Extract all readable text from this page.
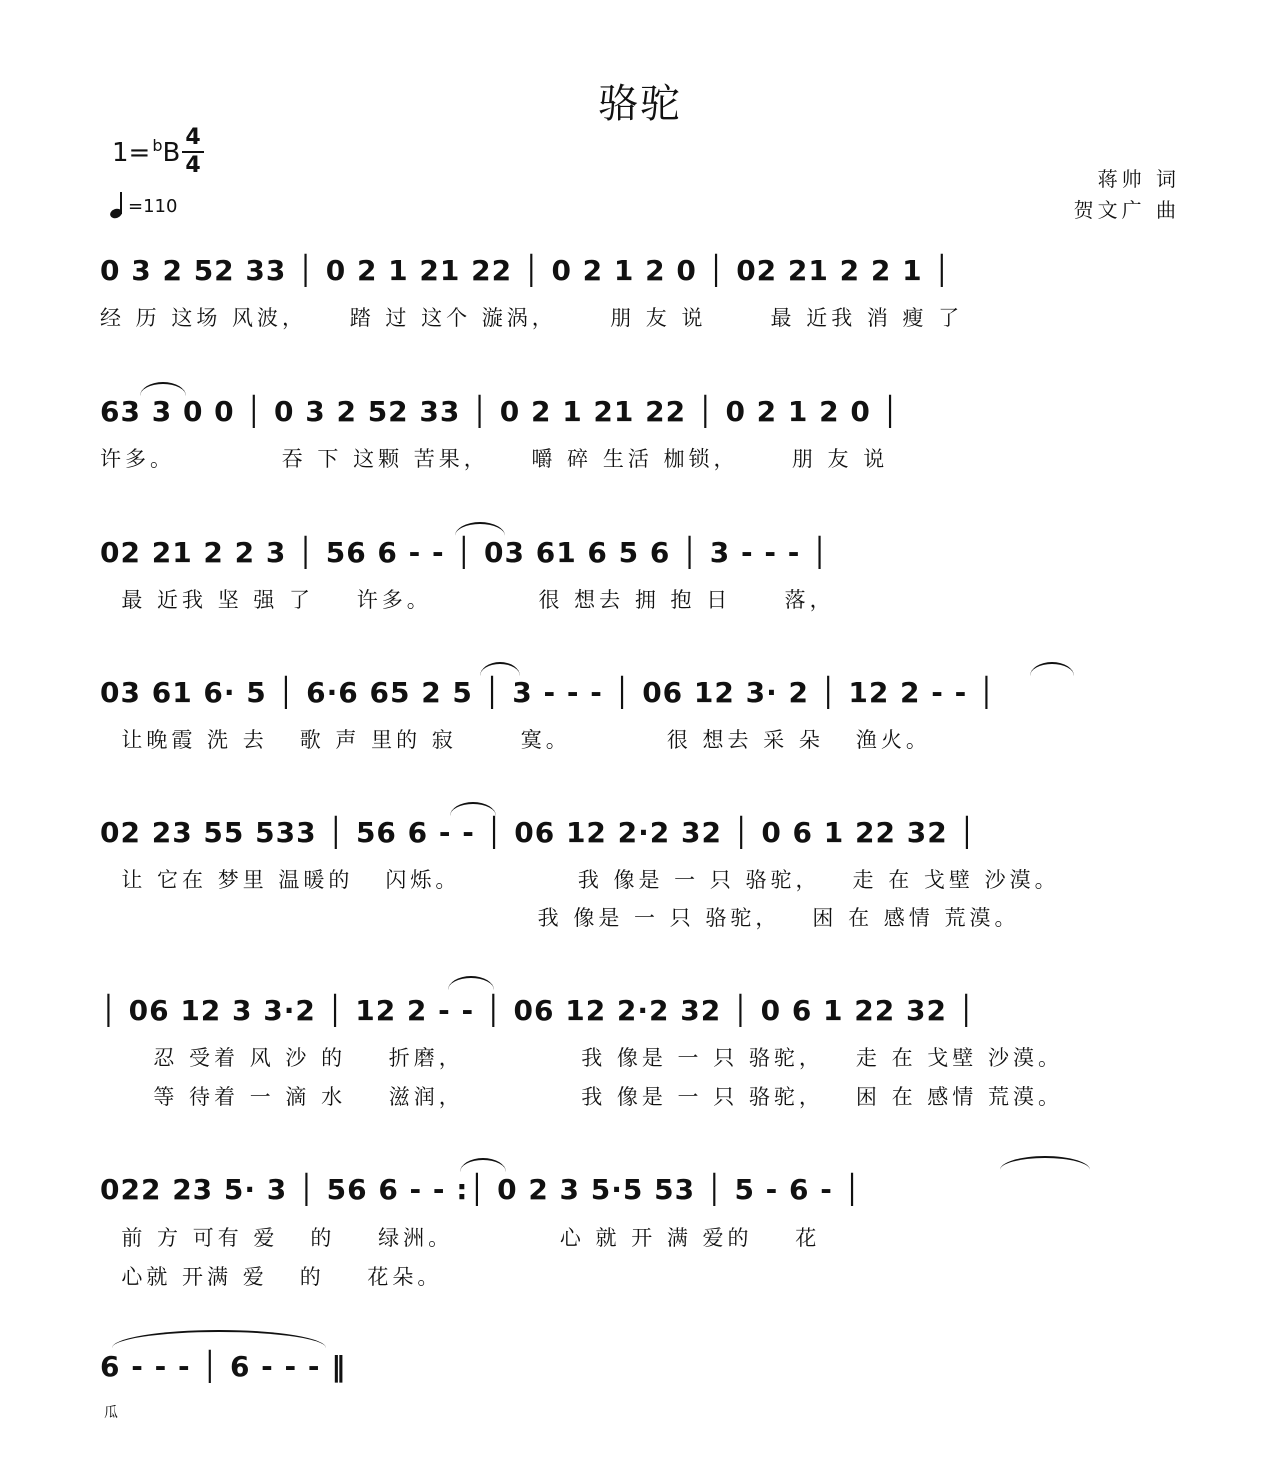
骆驼
1= $^b$B
4
4
=110
蒋帅 词
贺文广 曲
0 3 2 52 33 │ 0 2 1 21 22 │ 0 2 1 2 0 │ 02 21 2 2 1 │
经 历 这场 风波，    踏 过 这个 漩涡，     朋 友 说      最 近我 消 瘦 了
63 3 0 0 │ 0 3 2 52 33 │ 0 2 1 21 22 │ 0 2 1 2 0 │
许多。          吞 下 这颗 苦果，    嚼 碎 生活 枷锁，     朋 友 说
02 21 2 2 3 │ 56 6 - - │ 03 61 6 5 6 │ 3 - - - │
最 近我 坚 强 了    许多。          很 想去 拥 抱 日     落，
03 61 6· 5 │ 6·6 65 2 5 │ 3 - - - │ 06 12 3· 2 │ 12 2 - - │
让晚霞 洗 去   歌 声 里的 寂      寞。         很 想去 采 朵   渔火。
02 23 55 533 │ 56 6 - - │ 06 12 2·2 32 │ 0 6 1 22 32 │
让 它在 梦里 温暖的   闪烁。           我 像是 一 只 骆驼，   走 在 戈壁 沙漠。
我 像是 一 只 骆驼，   困 在 感情 荒漠。
│ 06 12 3 3·2 │ 12 2 - - │ 06 12 2·2 32 │ 0 6 1 22 32 │
忍 受着 风 沙 的    折磨，           我 像是 一 只 骆驼，   走 在 戈壁 沙漠。
等 待着 一 滴 水    滋润，           我 像是 一 只 骆驼，   困 在 感情 荒漠。
022 23 5· 3 │ 56 6 - - :│ 0 2 3 5·5 53 │ 5 - 6 - │
前 方 可有 爱   的    绿洲。          心 就 开 满 爱的    花
心就 开满 爱   的    花朵。
6 - - - │ 6 - - - ‖
瓜
